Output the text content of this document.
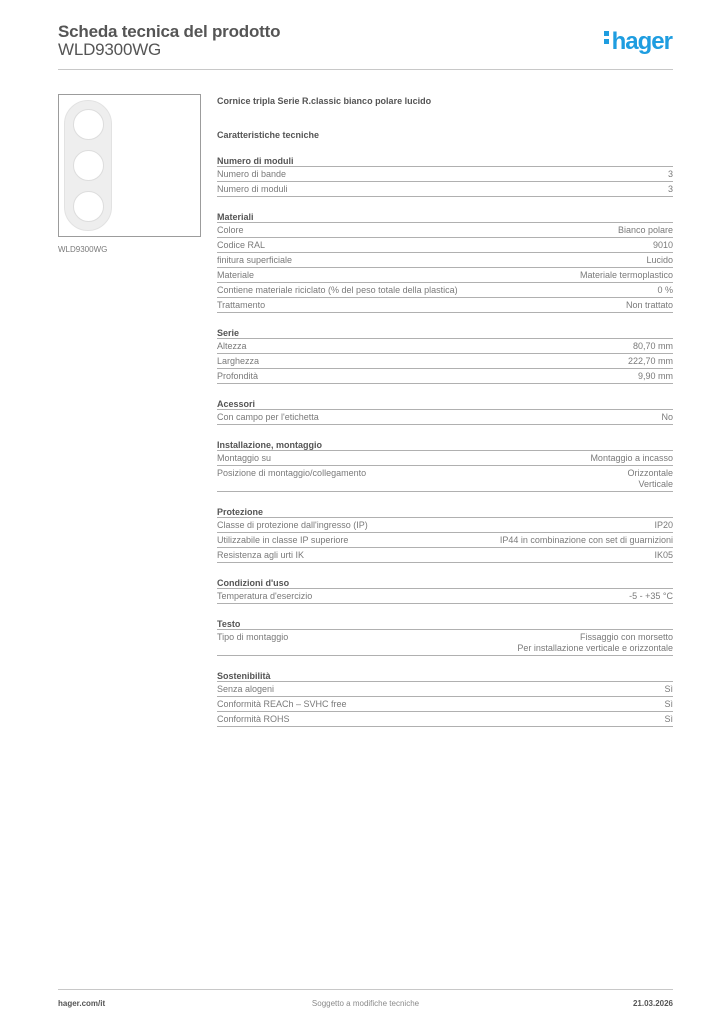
Scheda tecnica del prodotto
WLD9300WG	hager
WLD9300WG
Cornice tripla Serie R.classic bianco polare lucido
Caratteristiche tecniche
Numero di moduli
Numero di bande	3
Numero di moduli	3
Materiali
Colore	Bianco polare
Codice RAL	9010
finitura superficiale	Lucido
Materiale	Materiale termoplastico
Contiene materiale riciclato (% del peso totale della plastica)	0 %
Trattamento	Non trattato
Serie
Altezza	80,70 mm
Larghezza	222,70 mm
Profondità	9,90 mm
Acessori
Con campo per l'etichetta	No
Installazione, montaggio
Montaggio su	Montaggio a incasso
Posizione di montaggio/collegamento	Orizzontale
Verticale
Protezione
Classe di protezione dall'ingresso (IP)	IP20
Utilizzabile in classe IP superiore	IP44 in combinazione con set di guarnizioni
Resistenza agli urti IK	IK05
Condizioni d'uso
Temperatura d'esercizio	-5 - +35 °C
Testo
Tipo di montaggio	Fissaggio con morsetto
Per installazione verticale e orizzontale
Sostenibilità
Senza alogeni	Sì
Conformità REACh – SVHC free	Sì
Conformità ROHS	Sì
hager.com/it	Soggetto a modifiche tecniche	21.03.2026
